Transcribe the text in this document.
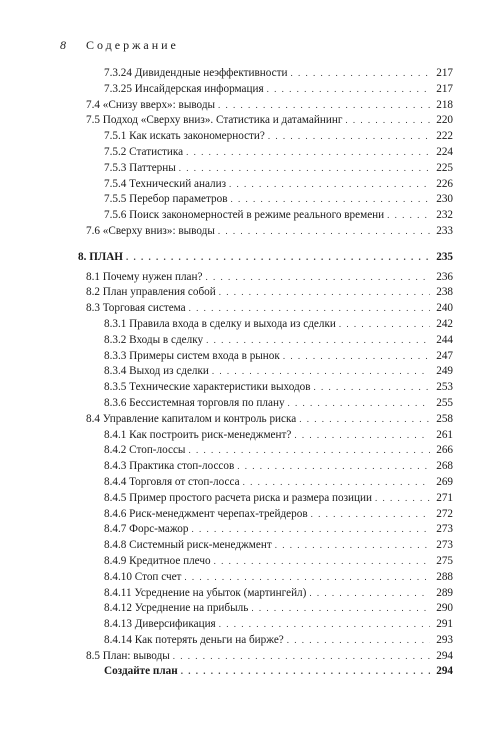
8 Содержание
7.3.24 Дивидендные неэффективности . . .	217
7.3.25 Инсайдерская информация . . .	217
7.4 «Снизу вверх»: выводы . . .	218
7.5 Подход «Сверху вниз». Статистика и датамайнинг . . .	220
7.5.1 Как искать закономерности? . . .	222
7.5.2 Статистика . . .	224
7.5.3 Паттерны . . .	225
7.5.4 Технический анализ . . .	226
7.5.5 Перебор параметров . . .	230
7.5.6 Поиск закономерностей в режиме реального времени . . .	232
7.6 «Сверху вниз»: выводы . . .	233
8. ПЛАН . . .	235
8.1 Почему нужен план? . . .	236
8.2 План управления собой . . .	238
8.3 Торговая система . . .	240
8.3.1 Правила входа в сделку и выхода из сделки . . .	242
8.3.2 Входы в сделку . . .	244
8.3.3 Примеры систем входа в рынок . . .	247
8.3.4 Выход из сделки . . .	249
8.3.5 Технические характеристики выходов . . .	253
8.3.6 Бессистемная торговля по плану . . .	255
8.4 Управление капиталом и контроль риска . . .	258
8.4.1 Как построить риск-менеджмент? . . .	261
8.4.2 Стоп-лоссы . . .	266
8.4.3 Практика стоп-лоссов . . .	268
8.4.4 Торговля от стоп-лосса . . .	269
8.4.5 Пример простого расчета риска и размера позиции . . .	271
8.4.6 Риск-менеджмент черепах-трейдеров . . .	272
8.4.7 Форс-мажор . . .	273
8.4.8 Системный риск-менеджмент . . .	273
8.4.9 Кредитное плечо . . .	275
8.4.10 Стоп счет . . .	288
8.4.11 Усреднение на убыток (мартингейл) . . .	289
8.4.12 Усреднение на прибыль . . .	290
8.4.13 Диверсификация . . .	291
8.4.14 Как потерять деньги на бирже? . . .	293
8.5 План: выводы . . .	294
Создайте план . . .	294
